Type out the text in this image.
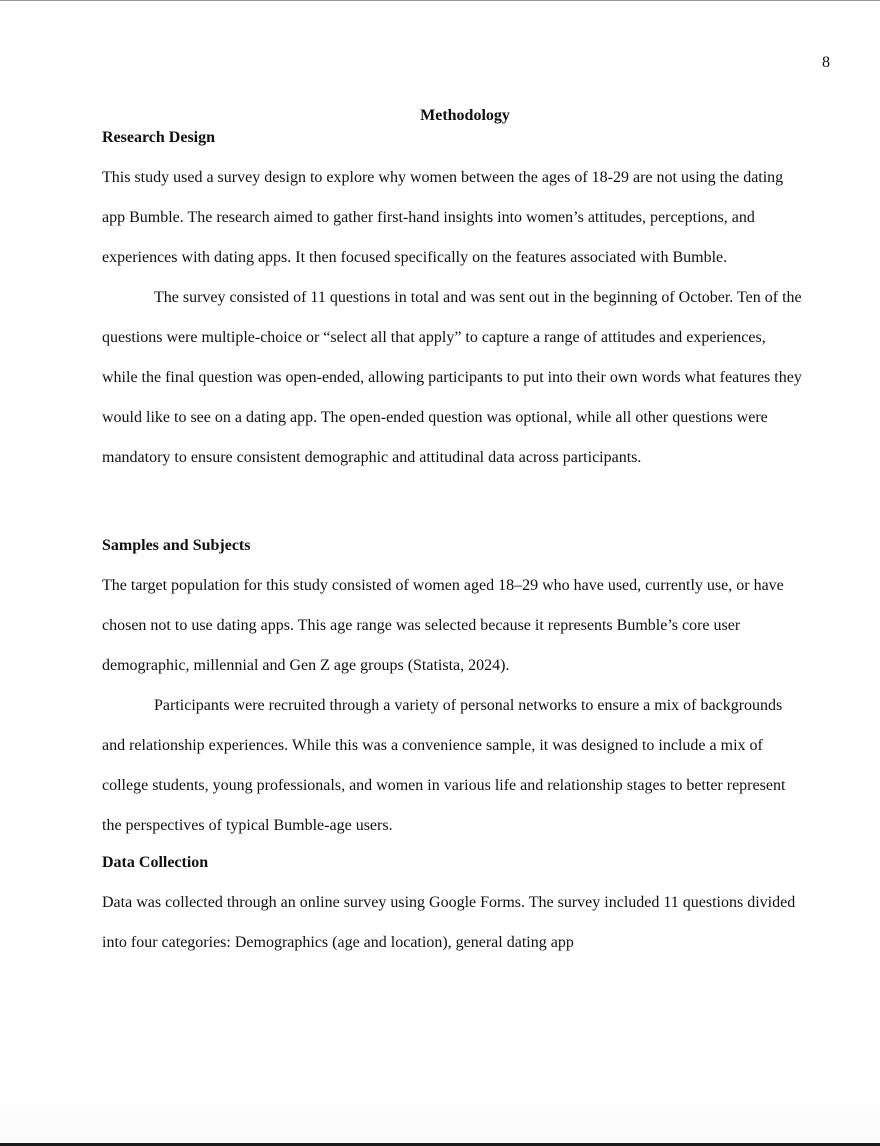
8
Methodology
Research Design

This study used a survey design to explore why women between the ages of 18-29 are not using the dating app Bumble. The research aimed to gather first-hand insights into women’s attitudes, perceptions, and experiences with dating apps. It then focused specifically on the features associated with Bumble.

The survey consisted of 11 questions in total and was sent out in the beginning of October. Ten of the questions were multiple-choice or “select all that apply” to capture a range of attitudes and experiences, while the final question was open-ended, allowing participants to put into their own words what features they would like to see on a dating app. The open-ended question was optional, while all other questions were mandatory to ensure consistent demographic and attitudinal data across participants.

Samples and Subjects

The target population for this study consisted of women aged 18–29 who have used, currently use, or have chosen not to use dating apps. This age range was selected because it represents Bumble’s core user demographic, millennial and Gen Z age groups (Statista, 2024).

Participants were recruited through a variety of personal networks to ensure a mix of backgrounds and relationship experiences. While this was a convenience sample, it was designed to include a mix of college students, young professionals, and women in various life and relationship stages to better represent the perspectives of typical Bumble-age users.

Data Collection

Data was collected through an online survey using Google Forms. The survey included 11 questions divided into four categories: Demographics (age and location), general dating app
